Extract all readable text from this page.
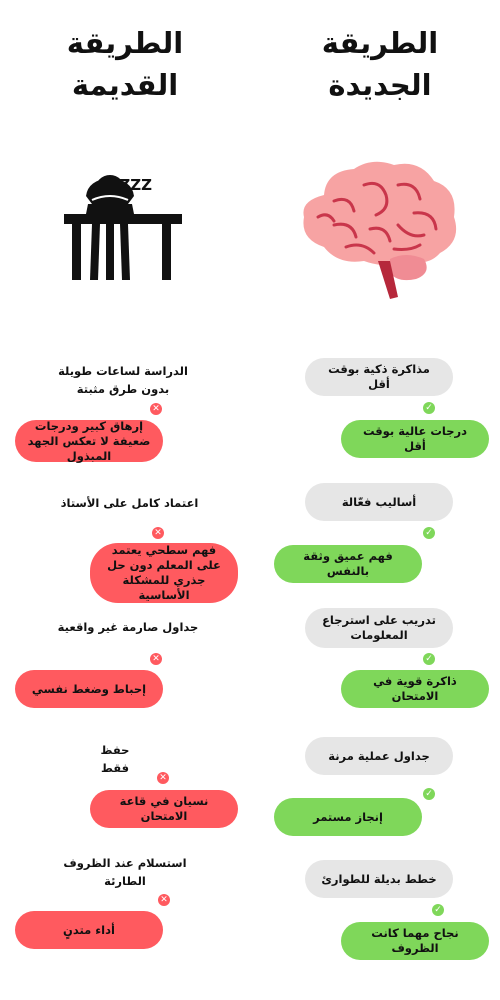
الطريقة
الجديدة
الطريقة
القديمة
ZZZ
مذاكرة ذكية بوقت أقل
✓
درجات عالية بوقت أقل
أساليب فعّالة
✓
فهم عميق وثقة بالنفس
تدريب على استرجاع المعلومات
✓
ذاكرة قوية في الامتحان
جداول عملية مرنة
✓
إنجاز مستمر
خطط بديلة للطوارئ
✓
نجاح مهما كانت الظروف
الدراسة لساعات طويلة بدون طرق مثبتة
✕
إرهاق كبير ودرجات ضعيفة لا تعكس الجهد المبذول
اعتماد كامل على الأستاذ
✕
فهم سطحي يعتمد على المعلم دون حل جذري للمشكلة الأساسية
جداول صارمة غير واقعية
✕
إحباط وضغط نفسي
حفظ فقط
✕
نسيان في قاعة الامتحان
استسلام عند الظروف الطارئة
✕
أداء متدنٍ
